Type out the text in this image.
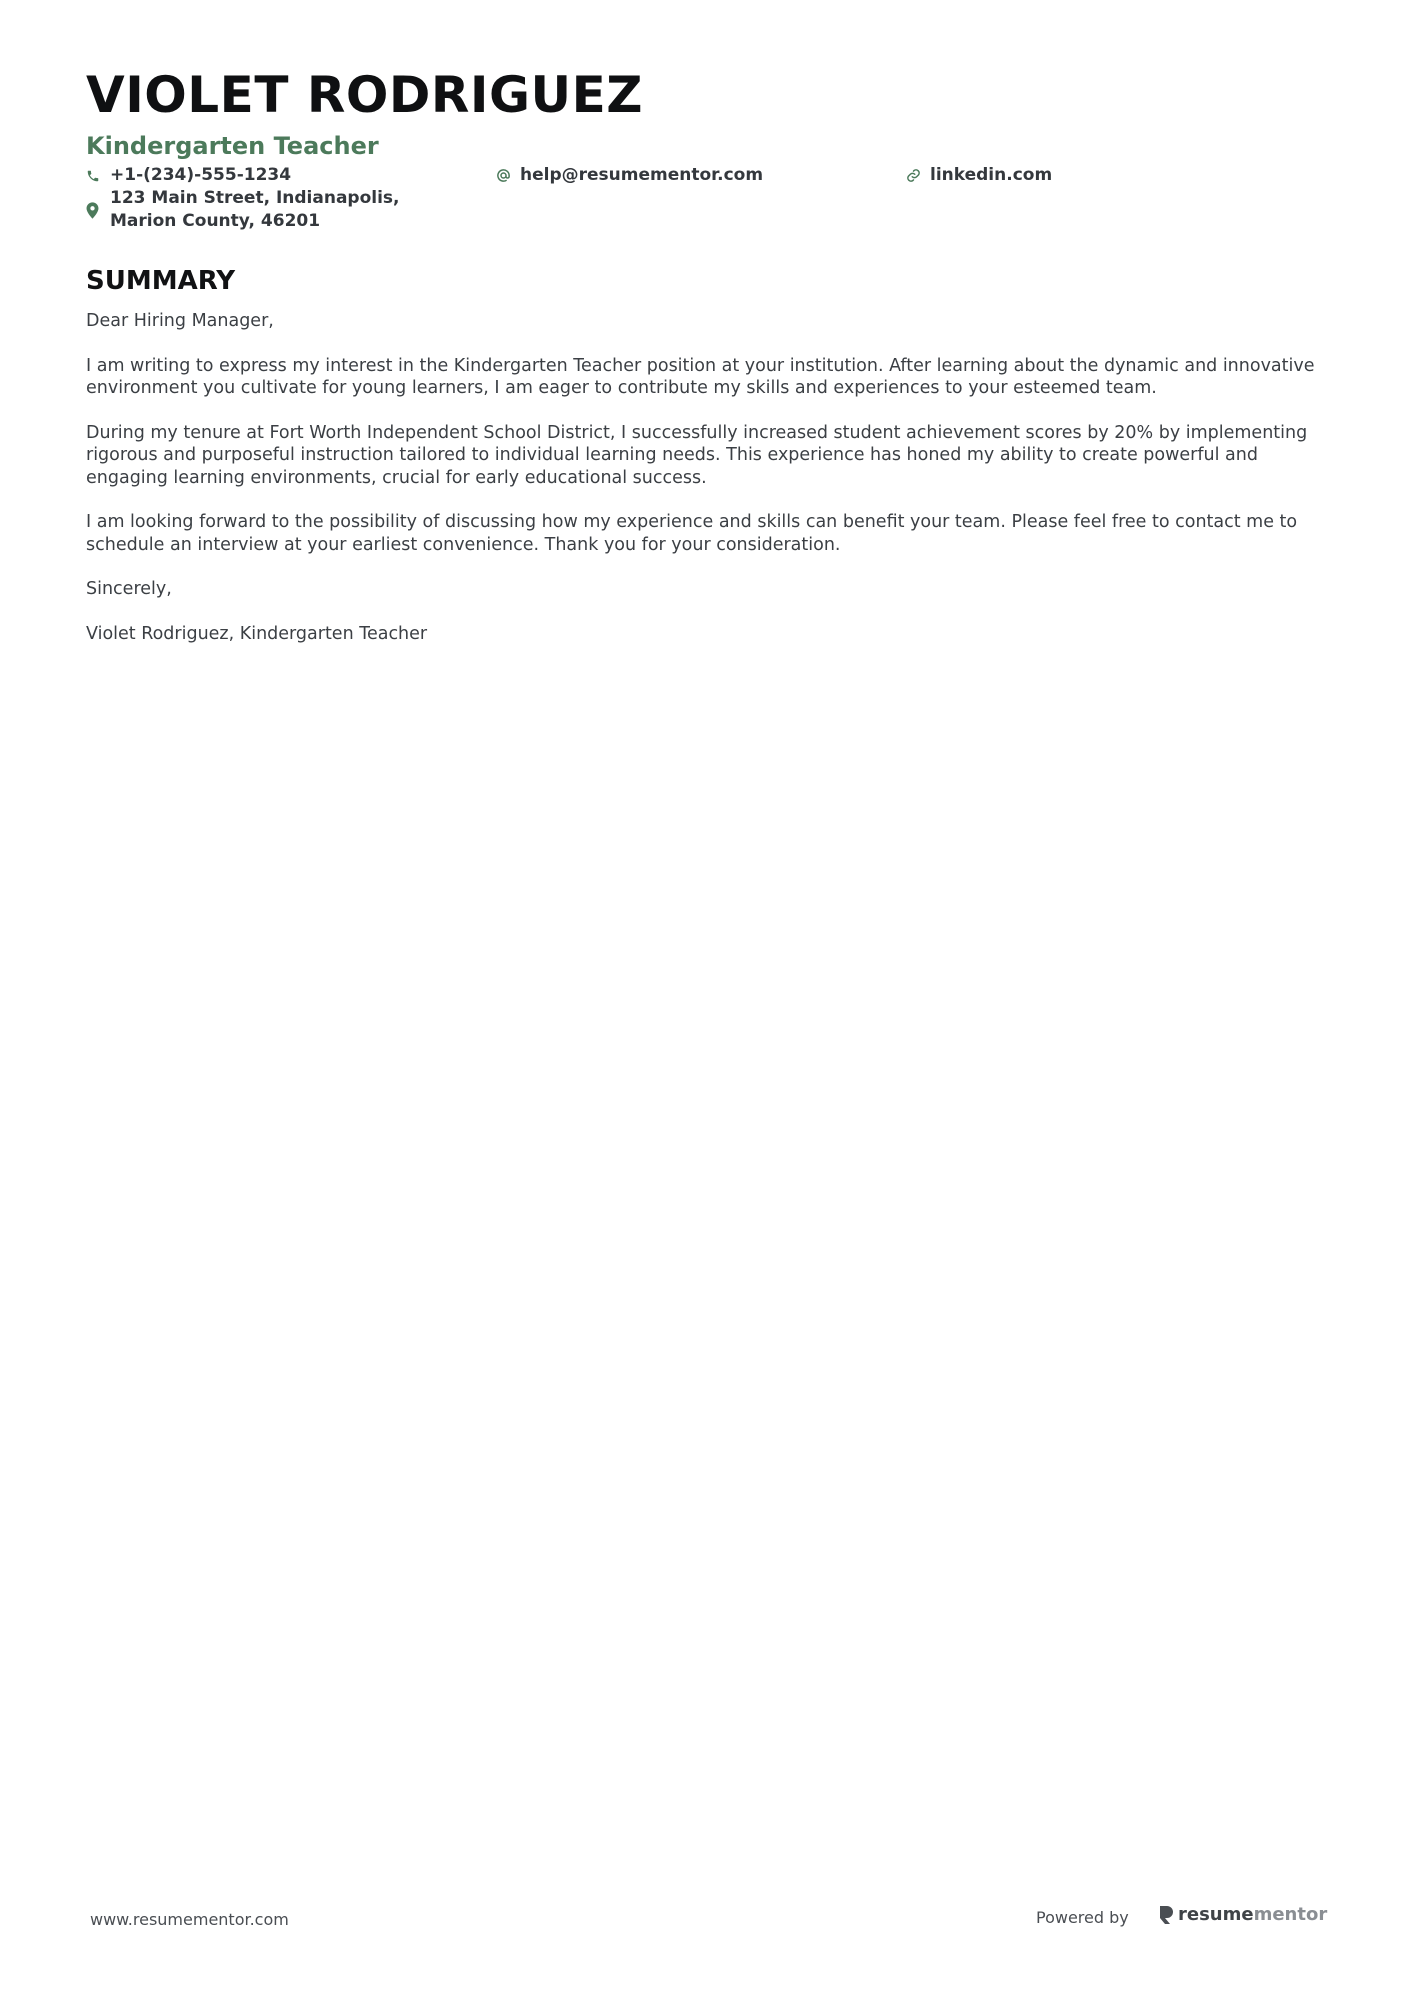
VIOLET RODRIGUEZ
Kindergarten Teacher
+1-(234)-555-1234	help@resumementor.com	linkedin.com
123 Main Street, Indianapolis, Marion County, 46201
SUMMARY

Dear Hiring Manager,

I am writing to express my interest in the Kindergarten Teacher position at your institution. After learning about the dynamic and innovative environment you cultivate for young learners, I am eager to contribute my skills and experiences to your esteemed team.

During my tenure at Fort Worth Independent School District, I successfully increased student achievement scores by 20% by implementing rigorous and purposeful instruction tailored to individual learning needs. This experience has honed my ability to create powerful and engaging learning environments, crucial for early educational success.

I am looking forward to the possibility of discussing how my experience and skills can benefit your team. Please feel free to contact me to schedule an interview at your earliest convenience. Thank you for your consideration.

Sincerely,

Violet Rodriguez, Kindergarten Teacher

www.resumementor.com	Powered by	resume mentor
